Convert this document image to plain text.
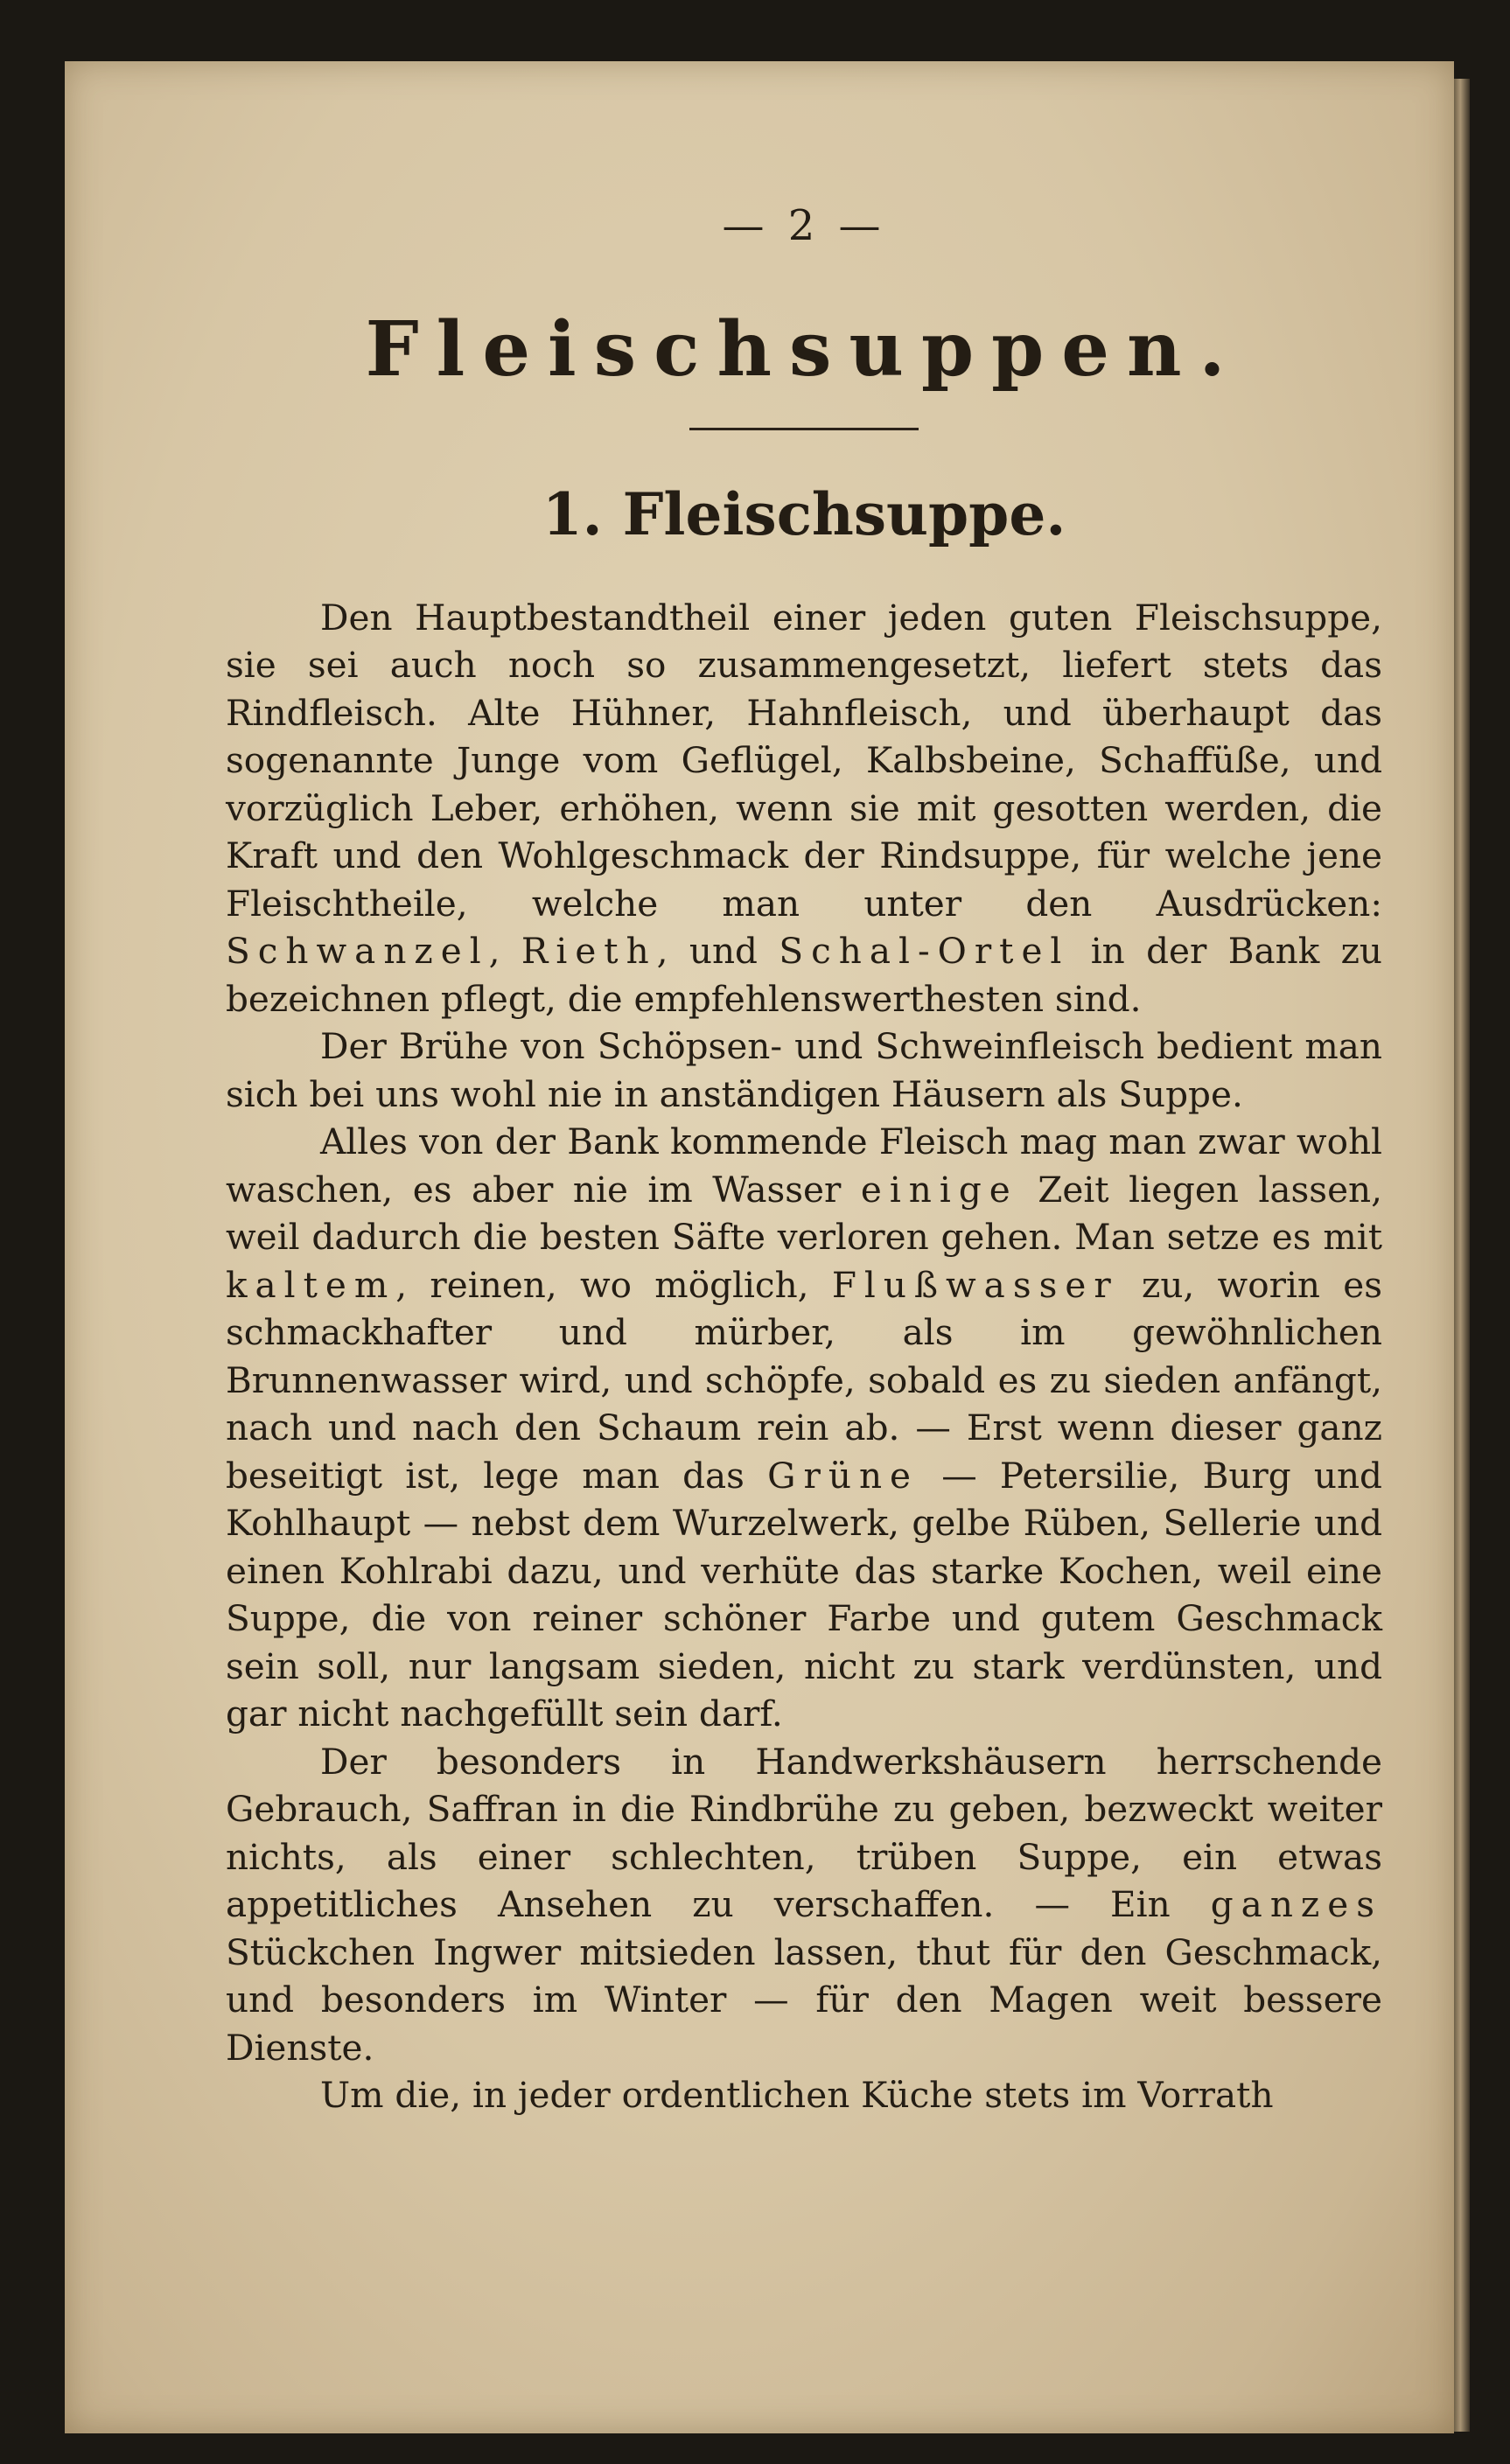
— 2 —
Fleischsuppen.
1. Fleischsuppe.

Den Hauptbestandtheil einer jeden guten Fleischsuppe, sie sei auch noch so zusammengesetzt, liefert stets das Rindfleisch. Alte Hühner, Hahnfleisch, und überhaupt das sogenannte Junge vom Geflügel, Kalbsbeine, Schaffüße, und vorzüglich Leber, erhöhen, wenn sie mit gesotten werden, die Kraft und den Wohlgeschmack der Rindsuppe, für welche jene Fleischtheile, welche man unter den Ausdrücken: Schwanzel, Rieth, und Schal-Ortel in der Bank zu bezeichnen pflegt, die empfehlenswerthesten sind.

Der Brühe von Schöpsen- und Schweinfleisch bedient man sich bei uns wohl nie in anständigen Häusern als Suppe.

Alles von der Bank kommende Fleisch mag man zwar wohl waschen, es aber nie im Wasser einige Zeit liegen lassen, weil dadurch die besten Säfte verloren gehen. Man setze es mit kaltem, reinen, wo möglich, Flußwasser zu, worin es schmackhafter und mürber, als im gewöhnlichen Brunnenwasser wird, und schöpfe, sobald es zu sieden anfängt, nach und nach den Schaum rein ab. — Erst wenn dieser ganz beseitigt ist, lege man das Grüne — Petersilie, Burg und Kohlhaupt — nebst dem Wurzelwerk, gelbe Rüben, Sellerie und einen Kohlrabi dazu, und verhüte das starke Kochen, weil eine Suppe, die von reiner schöner Farbe und gutem Geschmack sein soll, nur langsam sieden, nicht zu stark verdünsten, und gar nicht nachgefüllt sein darf.

Der besonders in Handwerkshäusern herrschende Gebrauch, Saffran in die Rindbrühe zu geben, bezweckt weiter nichts, als einer schlechten, trüben Suppe, ein etwas appetitliches Ansehen zu verschaffen. — Ein ganzes Stückchen Ingwer mitsieden lassen, thut für den Geschmack, und besonders im Winter — für den Magen weit bessere Dienste.

Um die, in jeder ordentlichen Küche stets im Vorrath
